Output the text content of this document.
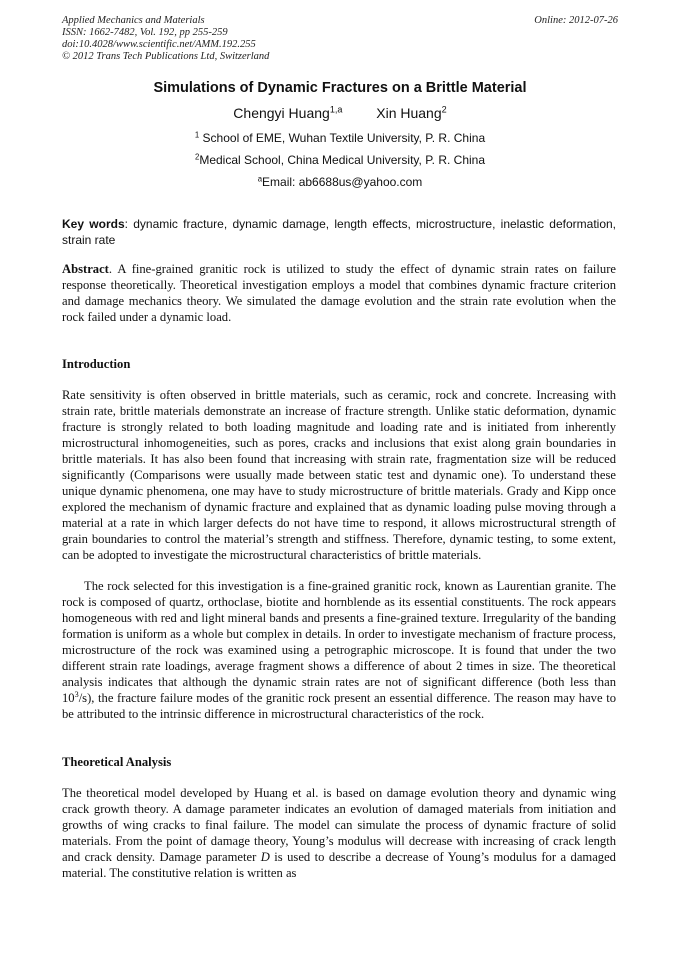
Applied Mechanics and Materials
ISSN: 1662-7482, Vol. 192, pp 255-259
doi:10.4028/www.scientific.net/AMM.192.255
© 2012 Trans Tech Publications Ltd, Switzerland
Online: 2012-07-26
Simulations of Dynamic Fractures on a Brittle Material
Chengyi Huang$^{1,a}$ Xin Huang$^2$
$^1$ School of EME, Wuhan Textile University, P. R. China
$^2$Medical School, China Medical University, P. R. China
$^a$Email: ab6688us@yahoo.com
Key words: dynamic fracture, dynamic damage, length effects, microstructure, inelastic deformation, strain rate

Abstract. A fine-grained granitic rock is utilized to study the effect of dynamic strain rates on failure response theoretically. Theoretical investigation employs a model that combines dynamic fracture criterion and damage mechanics theory. We simulated the damage evolution and the strain rate evolution when the rock failed under a dynamic load.

Introduction

Rate sensitivity is often observed in brittle materials, such as ceramic, rock and concrete. Increasing with strain rate, brittle materials demonstrate an increase of fracture strength. Unlike static deformation, dynamic fracture is strongly related to both loading magnitude and loading rate and is initiated from inherently microstructural inhomogeneities, such as pores, cracks and inclusions that exist along grain boundaries in brittle materials. It has also been found that increasing with strain rate, fragmentation size will be reduced significantly (Comparisons were usually made between static test and dynamic one). To understand these unique dynamic phenomena, one may have to study microstructure of brittle materials. Grady and Kipp once explored the mechanism of dynamic fracture and explained that as dynamic loading pulse moving through a material at a rate in which larger defects do not have time to respond, it allows microstructural strength of grain boundaries to control the material’s strength and stiffness. Therefore, dynamic testing, to some extent, can be adopted to investigate the microstructural characteristics of brittle materials.

The rock selected for this investigation is a fine-grained granitic rock, known as Laurentian granite. The rock is composed of quartz, orthoclase, biotite and hornblende as its essential constituents. The rock appears homogeneous with red and light mineral bands and presents a fine-grained texture. Irregularity of the banding formation is uniform as a whole but complex in details. In order to investigate mechanism of fracture process, microstructure of the rock was examined using a petrographic microscope. It is found that under the two different strain rate loadings, average fragment shows a difference of about 2 times in size. The theoretical analysis indicates that although the dynamic strain rates are not of significant difference (both less than $10^3/s$), the fracture failure modes of the granitic rock present an essential difference. The reason may have to be attributed to the intrinsic difference in microstructural characteristics of the rock.

Theoretical Analysis

The theoretical model developed by Huang et al. is based on damage evolution theory and dynamic wing crack growth theory. A damage parameter indicates an evolution of damaged materials from initiation and growths of wing cracks to final failure. The model can simulate the process of dynamic fracture of solid materials. From the point of damage theory, Young’s modulus will decrease with increasing of crack length and crack density. Damage parameter D is used to describe a decrease of Young’s modulus for a damaged material. The constitutive relation is written as
